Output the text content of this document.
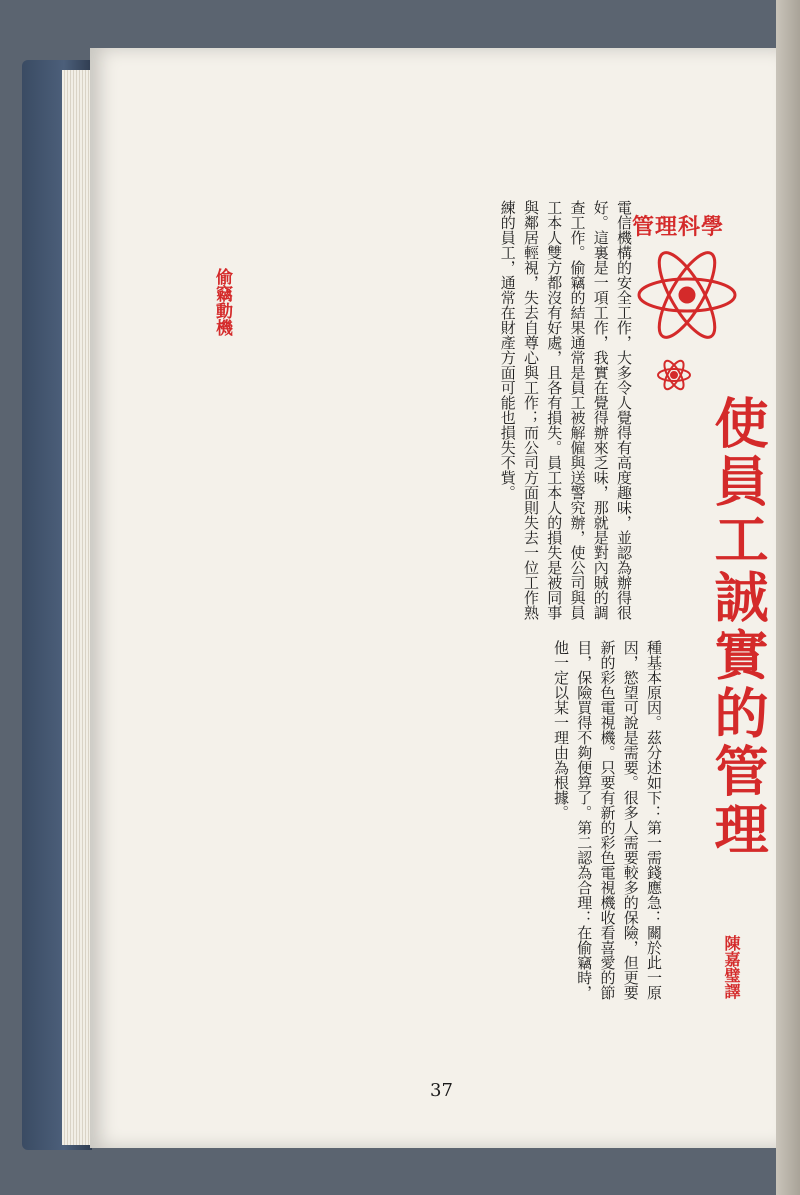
電信機構的安全工作，大多令人覺得有高度趣味，並認為辦得很好。這裏是一項工作，我實在覺得辦來乏味，那就是對內賊的調查工作。偷竊的結果通常是員工被解僱與送警究辦，使公司與員工本人雙方都沒有好處，且各有損失。員工本人的損失是被同事與鄰居輕視，失去自尊心與工作；而公司方面則失去一位工作熟練的員工，通常在財產方面可能也損失不貲。
種基本原因。茲分述如下：第一需錢應急：關於此一原因，慾望可說是需要。很多人需要較多的保險，但更要新的彩色電視機。只要有新的彩色電視機收看喜愛的節目，保險買得不夠便算了。第二認為合理：在偷竊時，他一定以某一理由為根據。
偷竊動機
管理科學
使員工誠實的管理
陳嘉璧譯
37
